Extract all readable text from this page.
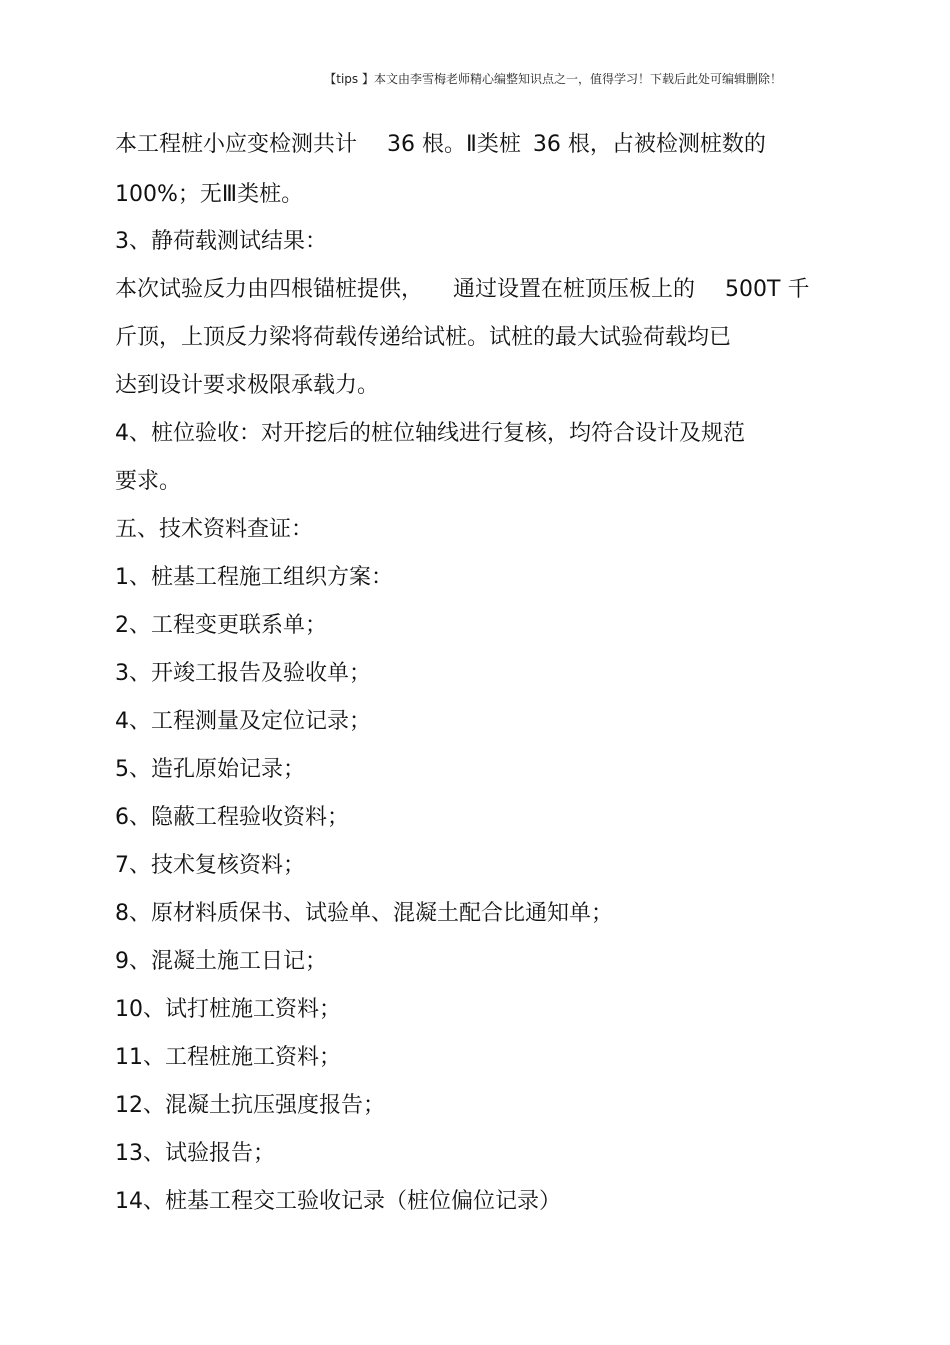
【tips 】本文由李雪梅老师精心编整知识点之一，值得学习！下载后此处可编辑删除！
本工程桩小应变检测共计 36 根。Ⅱ类桩 36 根，占被检测桩数的
100%；无Ⅲ类桩。
3、静荷载测试结果：
本次试验反力由四根锚桩提供， 通过设置在桩顶压板上的 500T 千
斤顶，上顶反力梁将荷载传递给试桩。试桩的最大试验荷载均已
达到设计要求极限承载力。
4、桩位验收：对开挖后的桩位轴线进行复核，均符合设计及规范
要求。
五、技术资料查证：
1、桩基工程施工组织方案：
2、工程变更联系单；
3、开竣工报告及验收单；
4、工程测量及定位记录；
5、造孔原始记录；
6、隐蔽工程验收资料；
7、技术复核资料；
8、原材料质保书、试验单、混凝土配合比通知单；
9、混凝土施工日记；
10、试打桩施工资料；
11、工程桩施工资料；
12、混凝土抗压强度报告；
13、试验报告；
14、桩基工程交工验收记录（桩位偏位记录）
